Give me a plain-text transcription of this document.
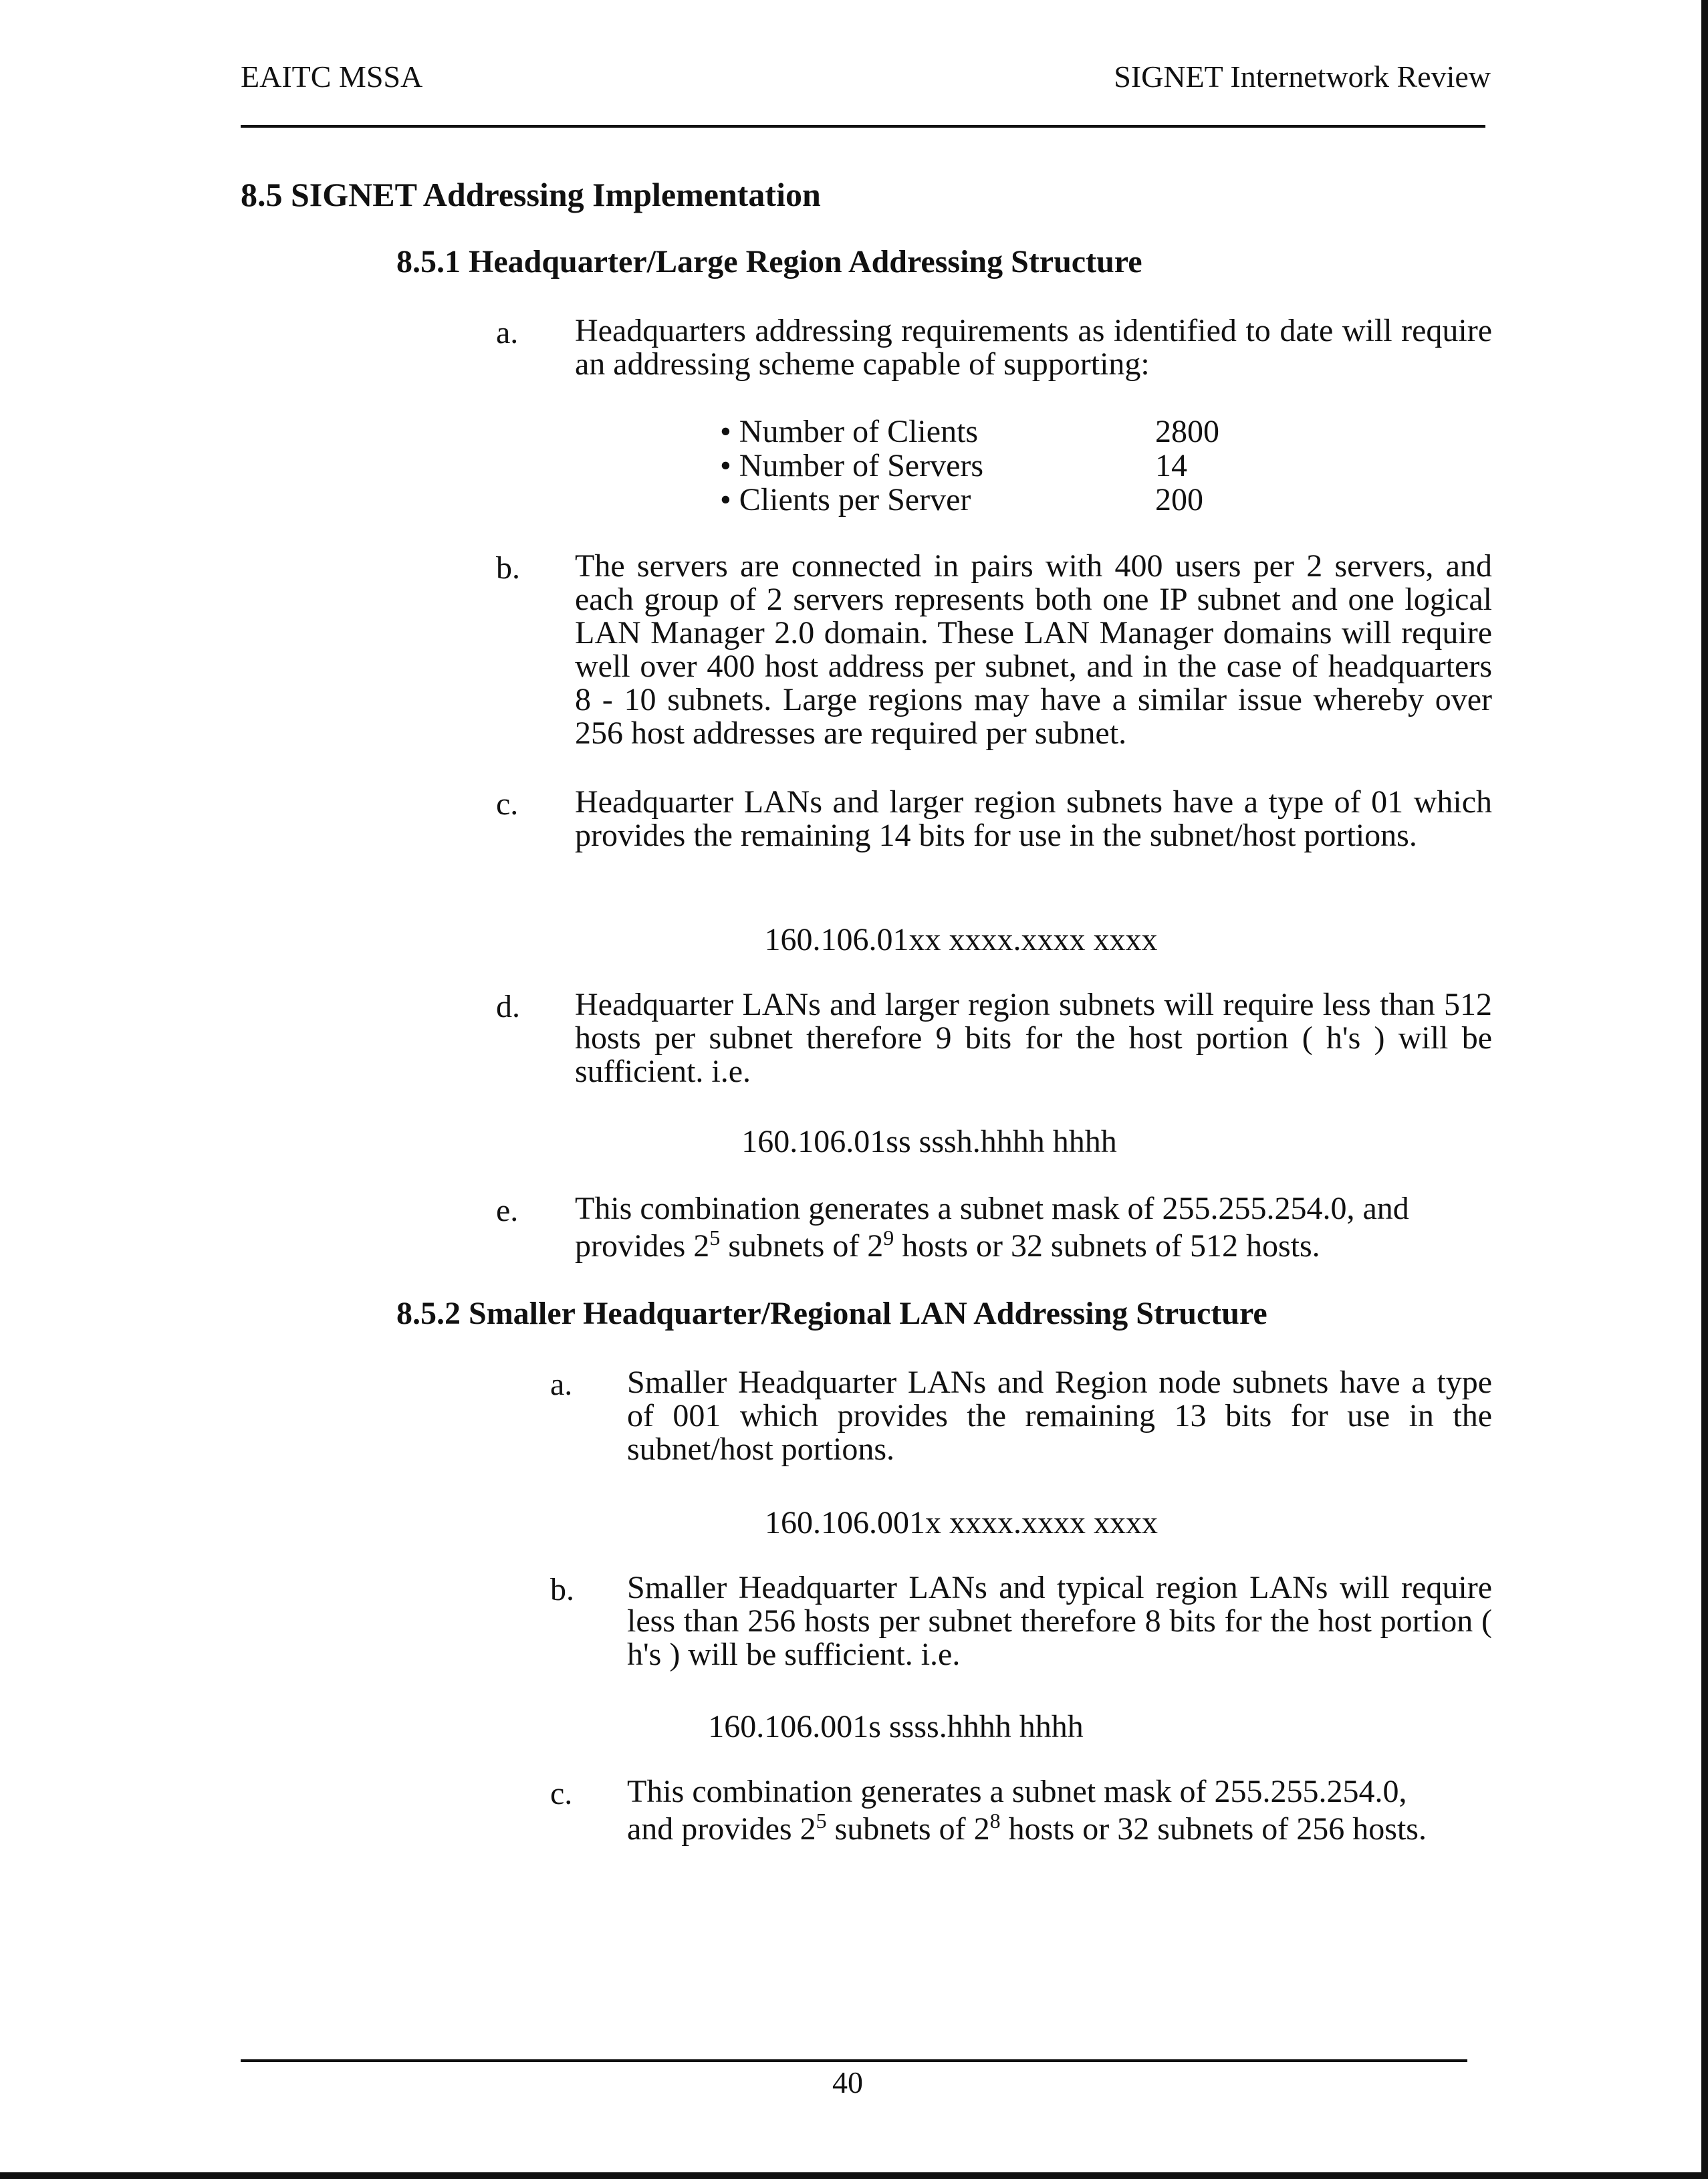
EAITC MSSA	SIGNET Internetwork Review
8.5 SIGNET Addressing Implementation
8.5.1 Headquarter/Large Region Addressing Structure
a. Headquarters addressing requirements as identified to date will require an addressing scheme capable of supporting:
• Number of Clients
• Number of Servers
• Clients per Server
2800
14
200
b. The servers are connected in pairs with 400 users per 2 servers, and each group of 2 servers represents both one IP subnet and one logical LAN Manager 2.0 domain. These LAN Manager domains will require well over 400 host address per subnet, and in the case of headquarters 8 - 10 subnets. Large regions may have a similar issue whereby over 256 host addresses are required per subnet.
c. Headquarter LANs and larger region subnets have a type of 01 which provides the remaining 14 bits for use in the subnet/host portions.
160.106.01xx xxxx.xxxx xxxx
d. Headquarter LANs and larger region subnets will require less than 512 hosts per subnet therefore 9 bits for the host portion ( h's ) will be sufficient. i.e.
160.106.01ss sssh.hhhh hhhh
e. This combination generates a subnet mask of 255.255.254.0, and
provides $2^5$ subnets of $2^9$ hosts or 32 subnets of 512 hosts.
8.5.2 Smaller Headquarter/Regional LAN Addressing Structure
a. Smaller Headquarter LANs and Region node subnets have a type of 001 which provides the remaining 13 bits for use in the subnet/host portions.
160.106.001x xxxx.xxxx xxxx
b. Smaller Headquarter LANs and typical region LANs will require less than 256 hosts per subnet therefore 8 bits for the host portion ( h's ) will be sufficient. i.e.
160.106.001s ssss.hhhh hhhh
c. This combination generates a subnet mask of 255.255.254.0,
and provides $2^5$ subnets of $2^8$ hosts or 32 subnets of 256 hosts.
40
